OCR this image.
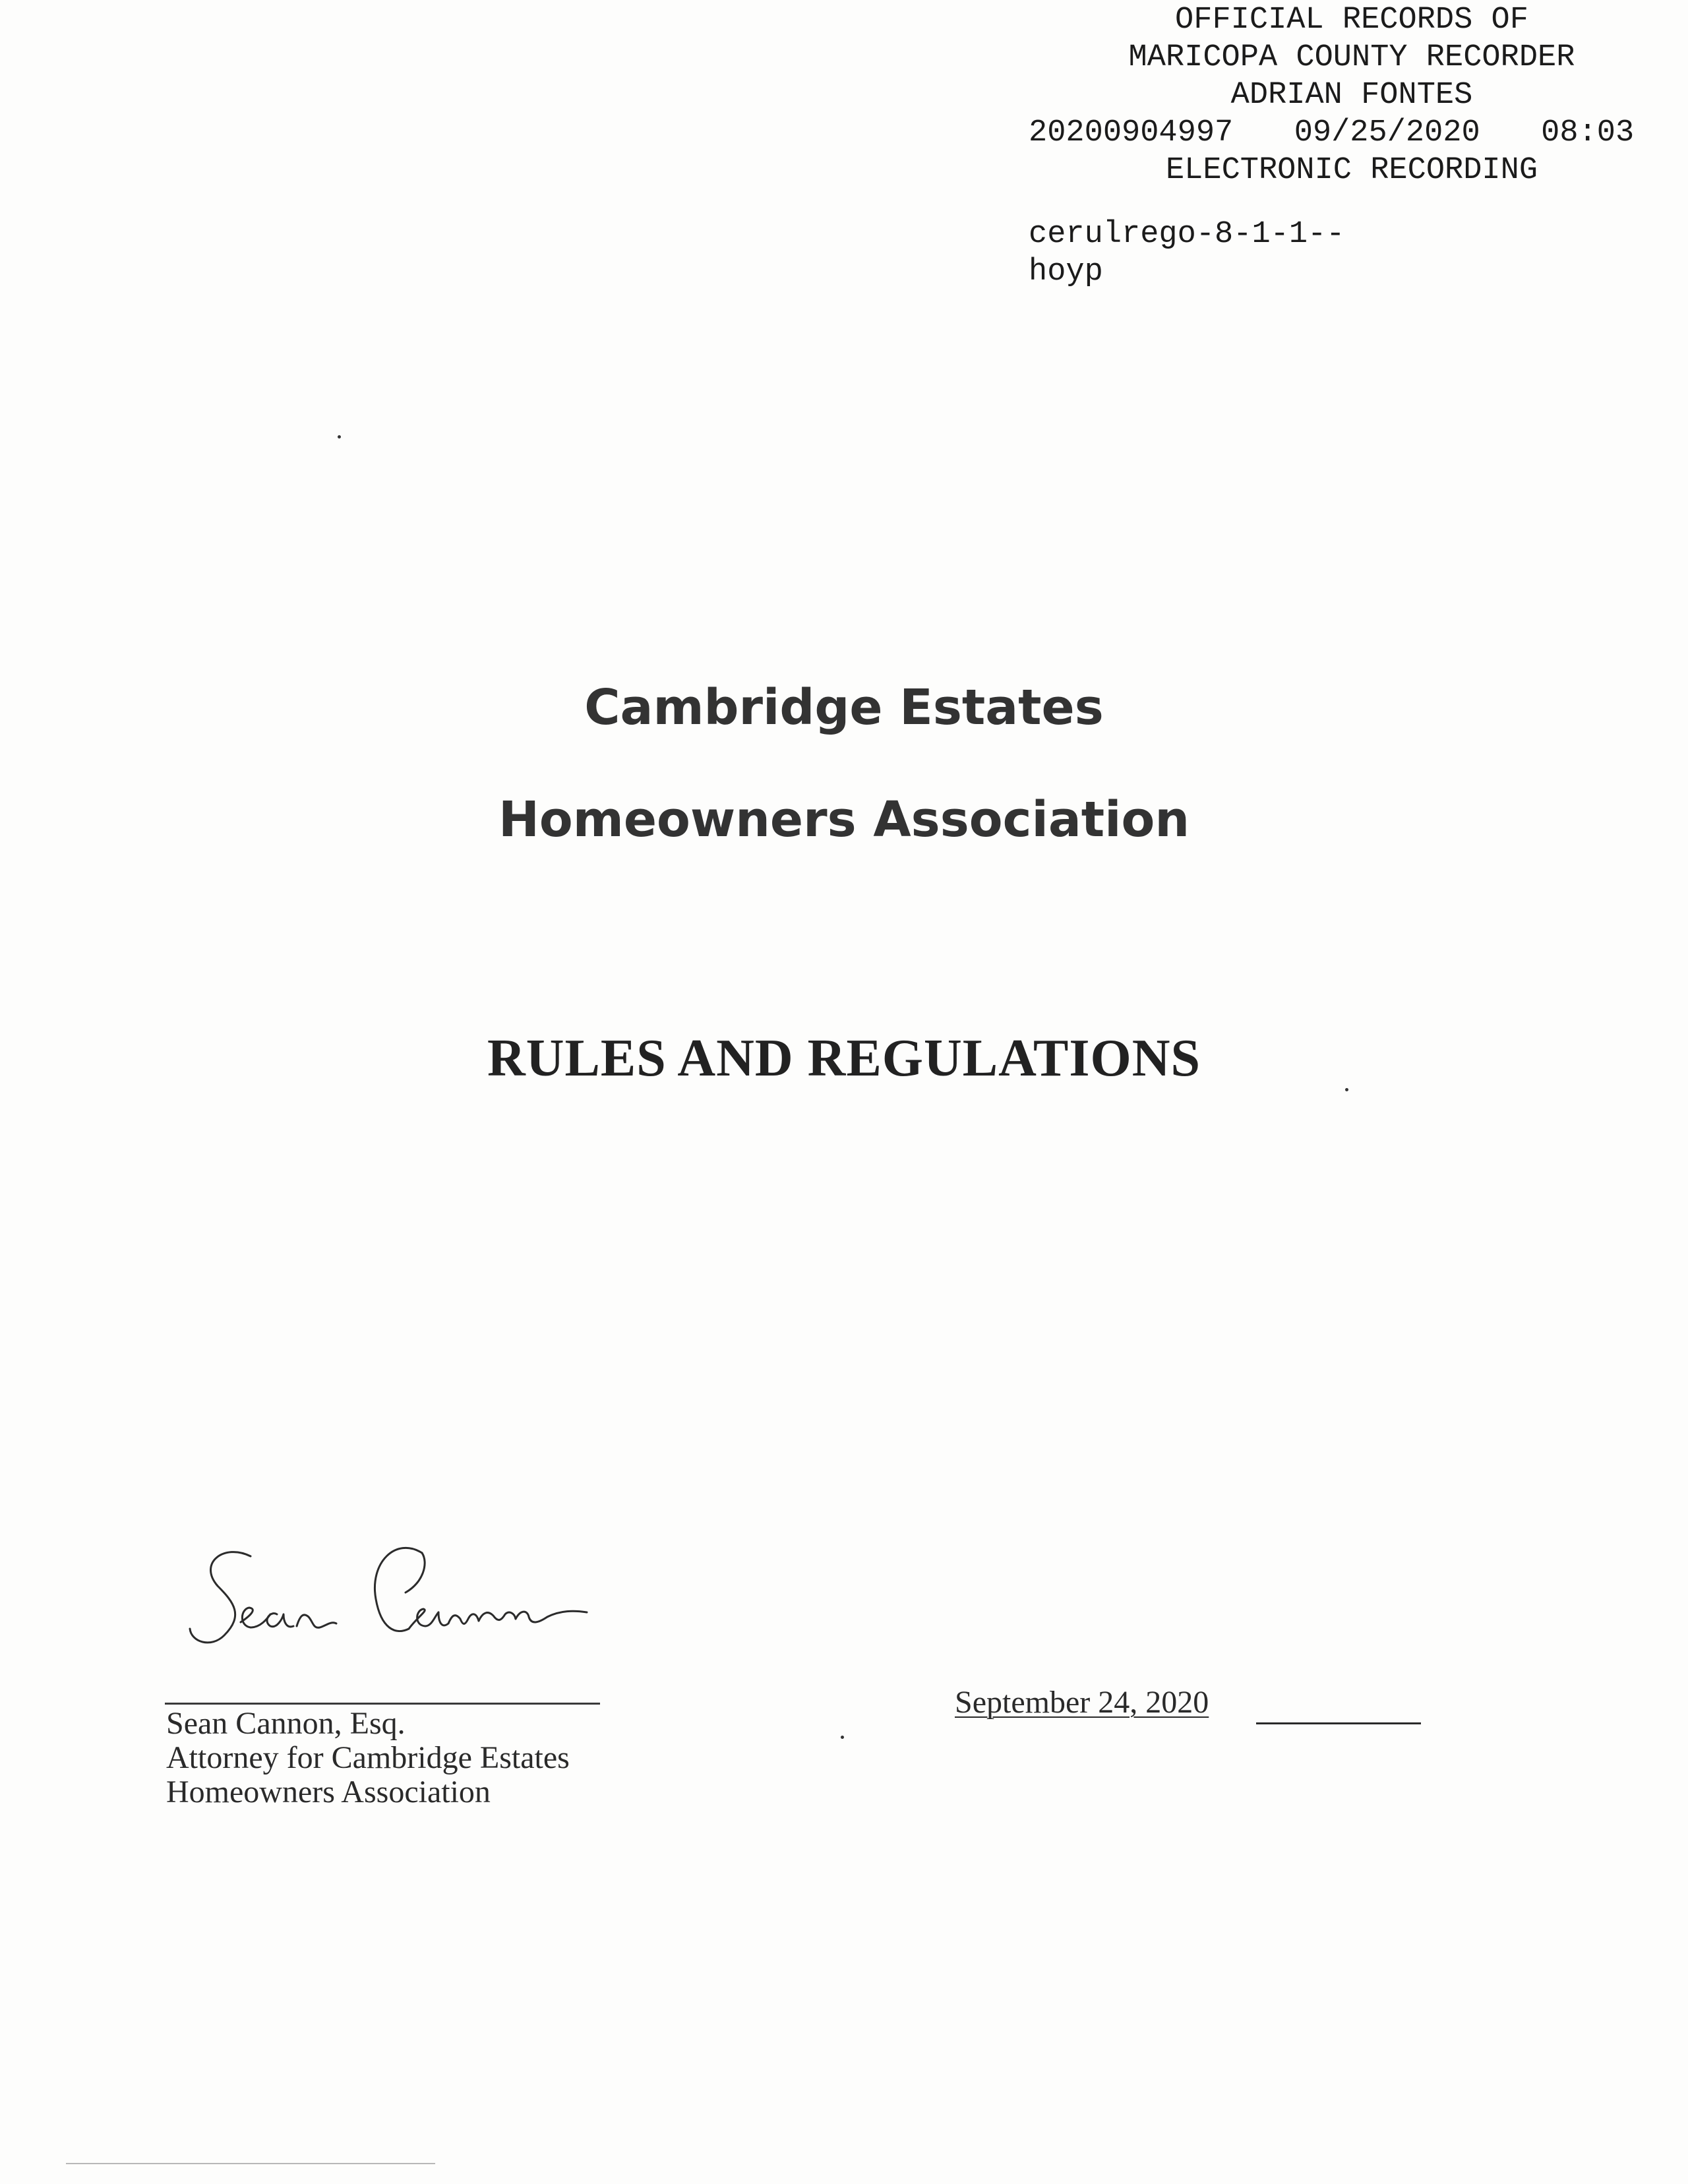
OFFICIAL RECORDS OF
MARICOPA COUNTY RECORDER
ADRIAN FONTES
20200904997 09/25/2020 08:03
ELECTRONIC RECORDING
cerulrego-8-1-1--
hoyp
Cambridge Estates
Homeowners Association
RULES AND REGULATIONS
Sean Cannon, Esq.
Attorney for Cambridge Estates
Homeowners Association
September 24, 2020
